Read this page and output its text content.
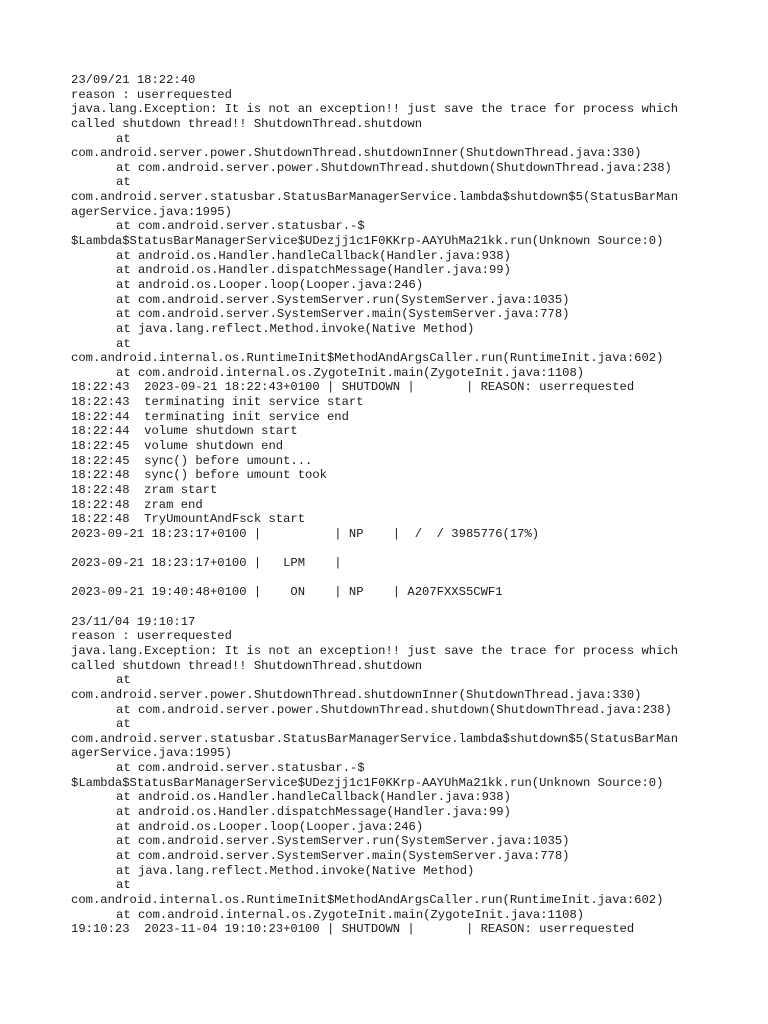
23/09/21 18:22:40
reason : userrequested
java.lang.Exception: It is not an exception!! just save the trace for process which
called shutdown thread!! ShutdownThread.shutdown
at
com.android.server.power.ShutdownThread.shutdownInner(ShutdownThread.java:330)
at com.android.server.power.ShutdownThread.shutdown(ShutdownThread.java:238)
at
com.android.server.statusbar.StatusBarManagerService.lambda$shutdown$5(StatusBarMan
agerService.java:1995)
at com.android.server.statusbar.-$
$Lambda$StatusBarManagerService$UDezjj1c1F0KKrp-AAYUhMa21kk.run(Unknown Source:0)
at android.os.Handler.handleCallback(Handler.java:938)
at android.os.Handler.dispatchMessage(Handler.java:99)
at android.os.Looper.loop(Looper.java:246)
at com.android.server.SystemServer.run(SystemServer.java:1035)
at com.android.server.SystemServer.main(SystemServer.java:778)
at java.lang.reflect.Method.invoke(Native Method)
at
com.android.internal.os.RuntimeInit$MethodAndArgsCaller.run(RuntimeInit.java:602)
at com.android.internal.os.ZygoteInit.main(ZygoteInit.java:1108)
18:22:43  2023-09-21 18:22:43+0100 | SHUTDOWN |       | REASON: userrequested
18:22:43  terminating init service start
18:22:44  terminating init service end
18:22:44  volume shutdown start
18:22:45  volume shutdown end
18:22:45  sync() before umount...
18:22:48  sync() before umount took
18:22:48  zram start
18:22:48  zram end
18:22:48  TryUmountAndFsck start
2023-09-21 18:23:17+0100 |          | NP    |  /  / 3985776(17%)
2023-09-21 18:23:17+0100 |   LPM    |
2023-09-21 19:40:48+0100 |    ON    | NP    | A207FXXS5CWF1
23/11/04 19:10:17
reason : userrequested
java.lang.Exception: It is not an exception!! just save the trace for process which
called shutdown thread!! ShutdownThread.shutdown
at
com.android.server.power.ShutdownThread.shutdownInner(ShutdownThread.java:330)
at com.android.server.power.ShutdownThread.shutdown(ShutdownThread.java:238)
at
com.android.server.statusbar.StatusBarManagerService.lambda$shutdown$5(StatusBarMan
agerService.java:1995)
at com.android.server.statusbar.-$
$Lambda$StatusBarManagerService$UDezjj1c1F0KKrp-AAYUhMa21kk.run(Unknown Source:0)
at android.os.Handler.handleCallback(Handler.java:938)
at android.os.Handler.dispatchMessage(Handler.java:99)
at android.os.Looper.loop(Looper.java:246)
at com.android.server.SystemServer.run(SystemServer.java:1035)
at com.android.server.SystemServer.main(SystemServer.java:778)
at java.lang.reflect.Method.invoke(Native Method)
at
com.android.internal.os.RuntimeInit$MethodAndArgsCaller.run(RuntimeInit.java:602)
at com.android.internal.os.ZygoteInit.main(ZygoteInit.java:1108)
19:10:23  2023-11-04 19:10:23+0100 | SHUTDOWN |       | REASON: userrequested
